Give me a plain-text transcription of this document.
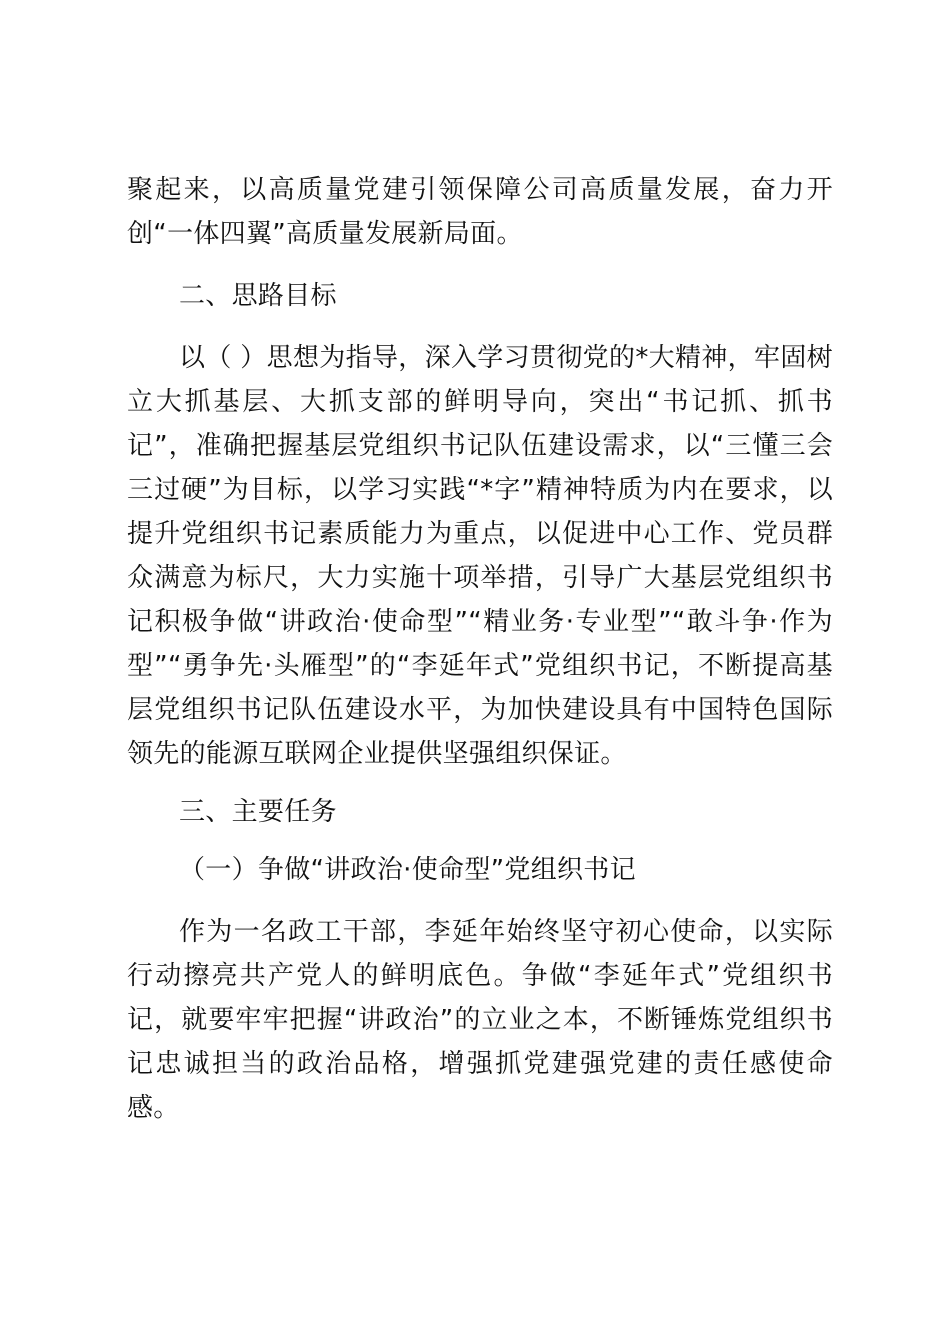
聚起来，以高质量党建引领保障公司高质量发展，奋力开创“一体四翼”高质量发展新局面。

二、思路目标

以（ ）思想为指导，深入学习贯彻党的*大精神，牢固树立大抓基层、大抓支部的鲜明导向，突出“书记抓、抓书记”，准确把握基层党组织书记队伍建设需求，以“三懂三会三过硬”为目标，以学习实践“*字”精神特质为内在要求，以提升党组织书记素质能力为重点，以促进中心工作、党员群众满意为标尺，大力实施十项举措，引导广大基层党组织书记积极争做“讲政治·使命型”“精业务·专业型”“敢斗争·作为型”“勇争先·头雁型”的“李延年式”党组织书记，不断提高基层党组织书记队伍建设水平，为加快建设具有中国特色国际领先的能源互联网企业提供坚强组织保证。

三、主要任务

（一）争做“讲政治·使命型”党组织书记

作为一名政工干部，李延年始终坚守初心使命，以实际行动擦亮共产党人的鲜明底色。争做“李延年式”党组织书记，就要牢牢把握“讲政治”的立业之本，不断锤炼党组织书记忠诚担当的政治品格，增强抓党建强党建的责任感使命感。
